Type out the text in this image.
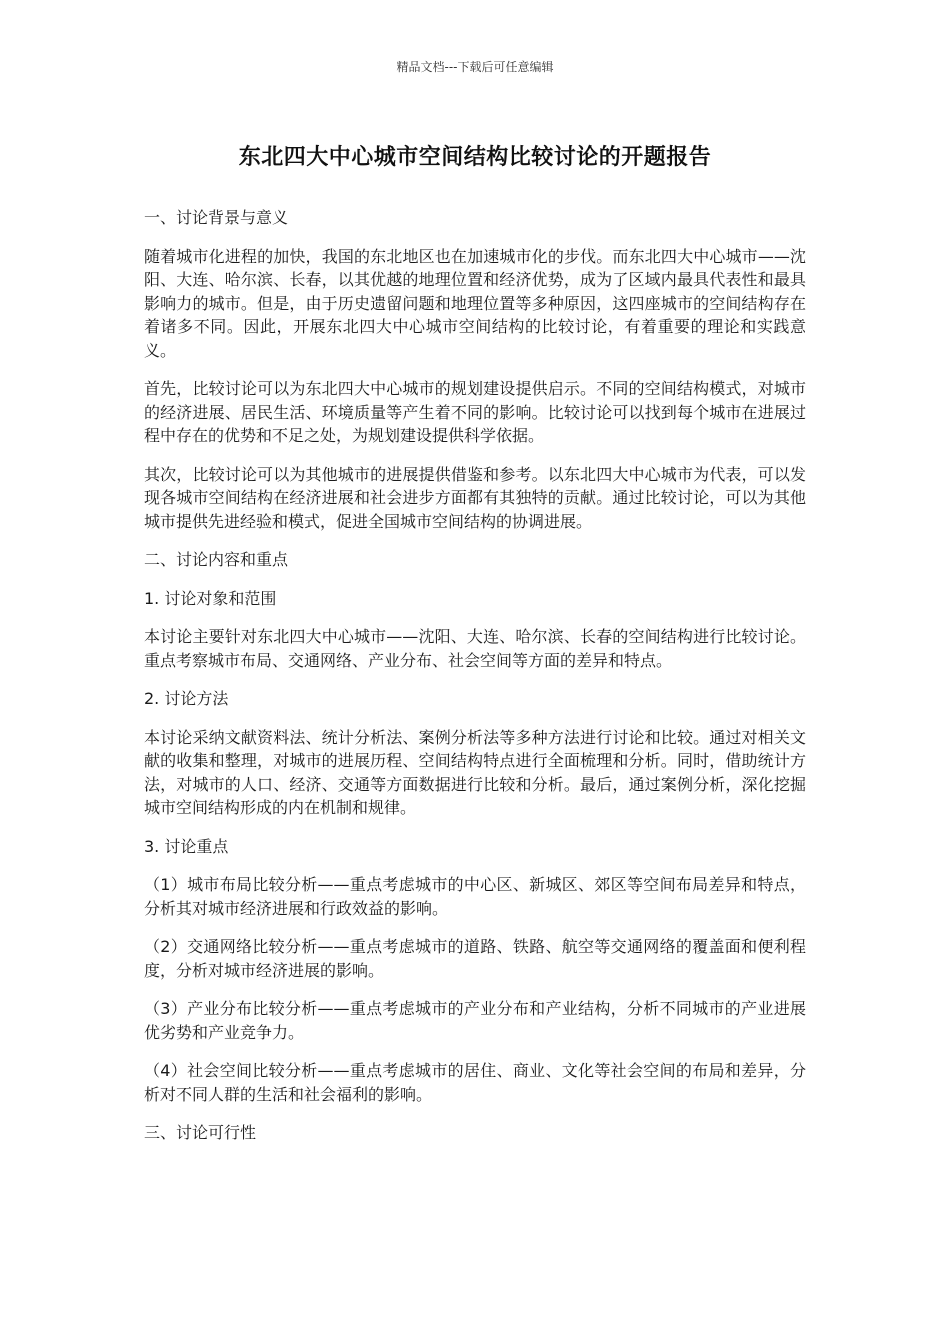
精品文档---下载后可任意编辑
东北四大中心城市空间结构比较讨论的开题报告

一、讨论背景与意义

随着城市化进程的加快，我国的东北地区也在加速城市化的步伐。而东北四大中心城市——沈阳、大连、哈尔滨、长春，以其优越的地理位置和经济优势，成为了区域内最具代表性和最具影响力的城市。但是，由于历史遗留问题和地理位置等多种原因，这四座城市的空间结构存在着诸多不同。因此，开展东北四大中心城市空间结构的比较讨论，有着重要的理论和实践意义。

首先，比较讨论可以为东北四大中心城市的规划建设提供启示。不同的空间结构模式，对城市的经济进展、居民生活、环境质量等产生着不同的影响。比较讨论可以找到每个城市在进展过程中存在的优势和不足之处，为规划建设提供科学依据。

其次，比较讨论可以为其他城市的进展提供借鉴和参考。以东北四大中心城市为代表，可以发现各城市空间结构在经济进展和社会进步方面都有其独特的贡献。通过比较讨论，可以为其他城市提供先进经验和模式，促进全国城市空间结构的协调进展。

二、讨论内容和重点

1. 讨论对象和范围

本讨论主要针对东北四大中心城市——沈阳、大连、哈尔滨、长春的空间结构进行比较讨论。重点考察城市布局、交通网络、产业分布、社会空间等方面的差异和特点。

2. 讨论方法

本讨论采纳文献资料法、统计分析法、案例分析法等多种方法进行讨论和比较。通过对相关文献的收集和整理，对城市的进展历程、空间结构特点进行全面梳理和分析。同时，借助统计方法，对城市的人口、经济、交通等方面数据进行比较和分析。最后，通过案例分析，深化挖掘城市空间结构形成的内在机制和规律。

3. 讨论重点

（1）城市布局比较分析——重点考虑城市的中心区、新城区、郊区等空间布局差异和特点，分析其对城市经济进展和行政效益的影响。

（2）交通网络比较分析——重点考虑城市的道路、铁路、航空等交通网络的覆盖面和便利程度，分析对城市经济进展的影响。

（3）产业分布比较分析——重点考虑城市的产业分布和产业结构，分析不同城市的产业进展优劣势和产业竞争力。

（4）社会空间比较分析——重点考虑城市的居住、商业、文化等社会空间的布局和差异，分析对不同人群的生活和社会福利的影响。

三、讨论可行性
